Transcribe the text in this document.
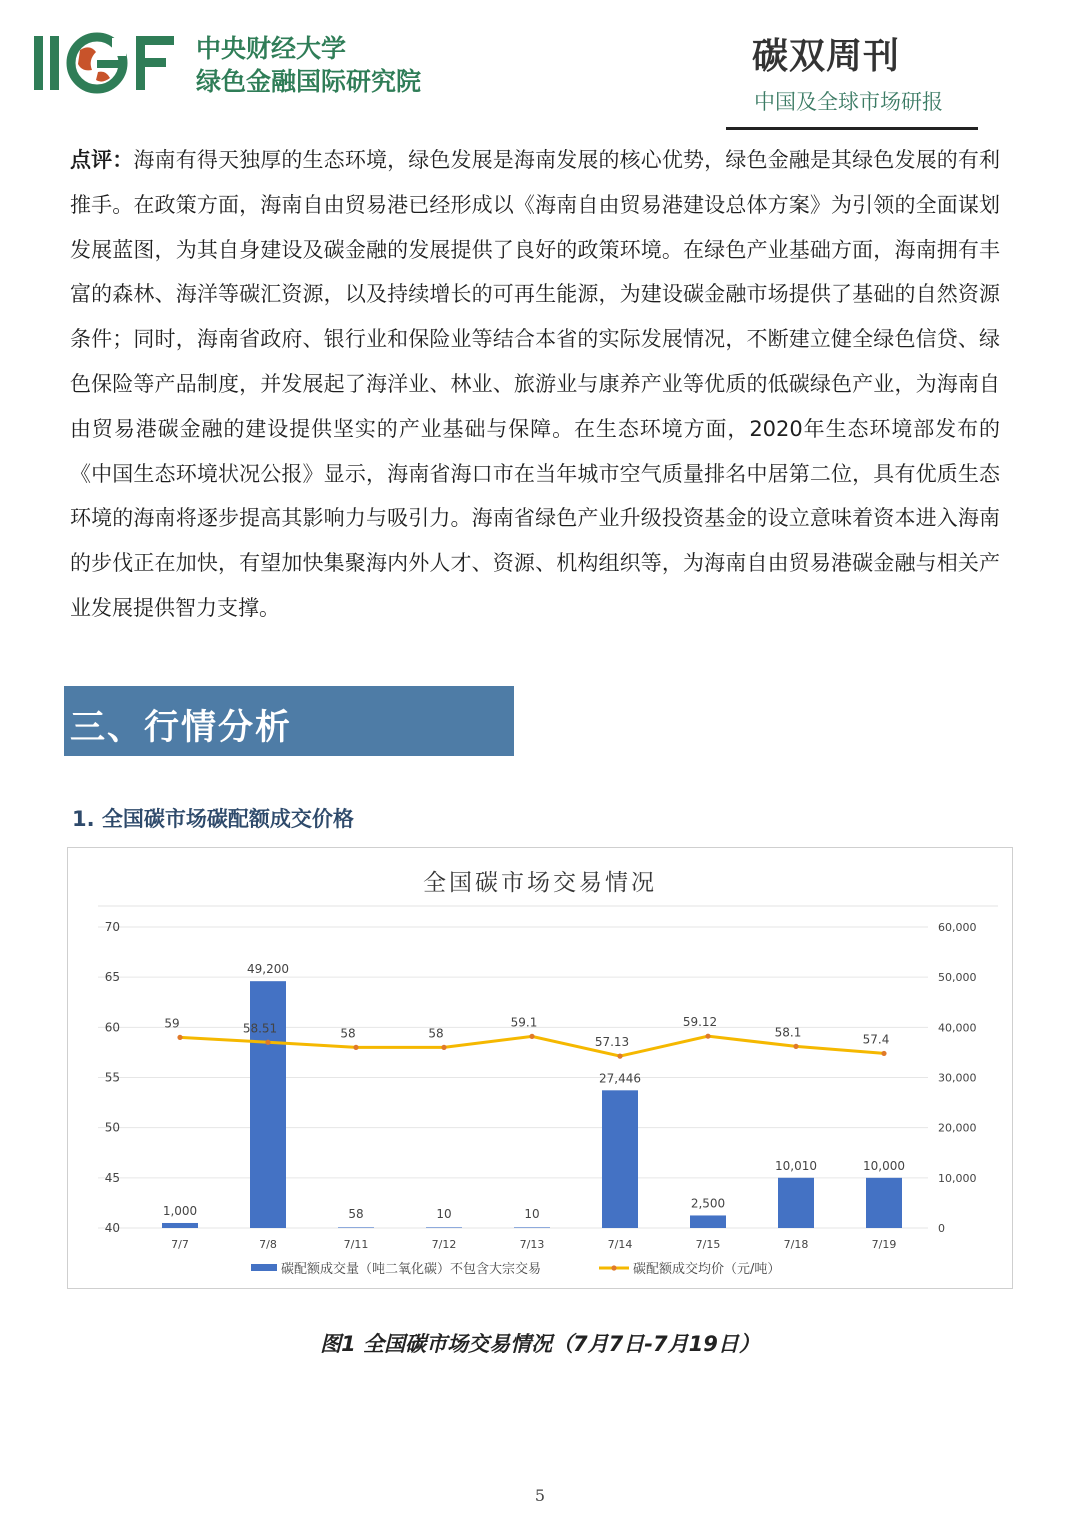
中央财经大学
绿色金融国际研究院
碳双周刊
中国及全球市场研报
点评：海南有得天独厚的生态环境，绿色发展是海南发展的核心优势，绿色金融是其绿色发展的有利推手。在政策方面，海南自由贸易港已经形成以《海南自由贸易港建设总体方案》为引领的全面谋划发展蓝图，为其自身建设及碳金融的发展提供了良好的政策环境。在绿色产业基础方面，海南拥有丰富的森林、海洋等碳汇资源，以及持续增长的可再生能源，为建设碳金融市场提供了基础的自然资源条件；同时，海南省政府、银行业和保险业等结合本省的实际发展情况，不断建立健全绿色信贷、绿色保险等产品制度，并发展起了海洋业、林业、旅游业与康养产业等优质的低碳绿色产业，为海南自由贸易港碳金融的建设提供坚实的产业基础与保障。在生态环境方面，2020年生态环境部发布的《中国生态环境状况公报》显示，海南省海口市在当年城市空气质量排名中居第二位，具有优质生态环境的海南将逐步提高其影响力与吸引力。海南省绿色产业升级投资基金的设立意味着资本进入海南的步伐正在加快，有望加快集聚海内外人才、资源、机构组织等，为海南自由贸易港碳金融与相关产业发展提供智力支撑。
三、行情分析
1. 全国碳市场碳配额成交价格
全国碳市场交易情况
70	60,000
65	50,000
60	40,000
55	30,000
50	20,000
45	10,000
40	0
1,000
49,200
58	10	10
27,446
2,500
10,010	10,000
7/7	7/8	7/11	7/12	7/13	7/14	7/15	7/18	7/19
59	58.51	58	58
59.1
57.13
59.12
58.1
57.4
碳配额成交量（吨二氧化碳）不包含大宗交易	碳配额成交均价（元/吨）
图1 全国碳市场交易情况（7月7日-7月19日）
5
